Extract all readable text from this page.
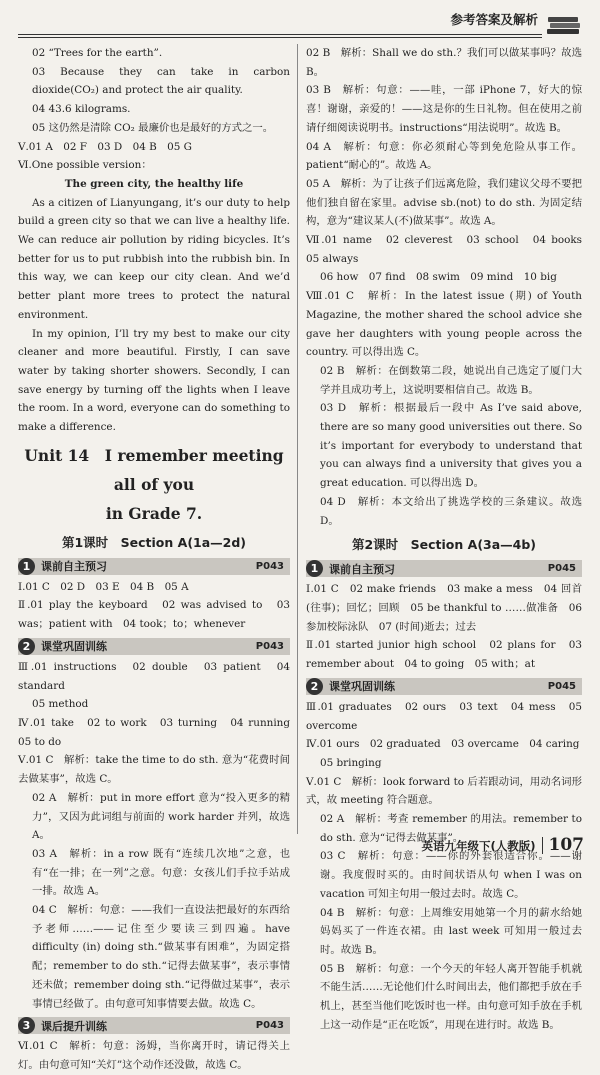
参考答案及解析

02 “Trees for the earth”.

03 Because they can take in carbon dioxide(CO₂) and protect the air quality.

04 43.6 kilograms.

05 这仍然是清除 CO₂ 最廉价也是最好的方式之一。

Ⅴ.01 A　02 F　03 D　04 B　05 G

Ⅵ.One possible version：

The green city, the healthy life

As a citizen of Lianyungang, it’s our duty to help build a green city so that we can live a healthy life. We can reduce air pollution by riding bicycles. It’s better for us to put rubbish into the rubbish bin. In this way, we can keep our city clean. And we’d better plant more trees to protect the natural environment.

In my opinion, I’ll try my best to make our city cleaner and more beautiful. Firstly, I can save water by taking shorter showers. Secondly, I can save energy by turning off the lights when I leave the room. In a word, everyone can do something to make a difference.

Unit 14　I remember meeting all of you
in Grade 7.
第1课时　Section A(1a—2d)
1 课前自主预习	P043

Ⅰ.01 C　02 D　03 E　04 B　05 A

Ⅱ.01 play the keyboard　02 was advised to　03 was；patient with　04 took；to；whenever

2 课堂巩固训练	P043

Ⅲ.01 instructions　02 double　03 patient　04 standard

05 method

Ⅳ.01 take　02 to work　03 turning　04 running　05 to do

Ⅴ.01 C　解析：take the time to do sth. 意为“花费时间去做某事”，故选 C。

02 A　解析：put in more effort 意为“投入更多的精力”，又因为此词组与前面的 work harder 并列，故选 A。

03 A　解析：in a row 既有“连续几次地”之意，也有“在一排；在一列”之意。句意：女孩儿们手拉手站成一排。故选 A。

04 C　解析：句意：——我们一直设法把最好的东西给予老师……——记住至少要读三到四遍。have difficulty (in) doing sth.“做某事有困难”，为固定搭配；remember to do sth.“记得去做某事”，表示事情还未做；remember doing sth.“记得做过某事”，表示事情已经做了。由句意可知事情要去做。故选 C。

3 课后提升训练	P043

Ⅵ.01 C　解析：句意：汤姆，当你离开时，请记得关上灯。由句意可知“关灯”这个动作还没做，故选 C。

02 B　解析：Shall we do sth.？我们可以做某事吗？故选 B。

03 B　解析：句意：——哇，一部 iPhone 7，好大的惊喜！谢谢，亲爱的！——这是你的生日礼物。但在使用之前请仔细阅读说明书。instructions“用法说明”。故选 B。

04 A　解析：句意：你必须耐心等到免危险从事工作。patient“耐心的”。故选 A。

05 A　解析：为了让孩子们远离危险，我们建议父母不要把他们独自留在家里。advise sb.(not) to do sth. 为固定结构，意为“建议某人(不)做某事”。故选 A。

Ⅶ.01 name　02 cleverest　03 school　04 books　05 always

06 how　07 find　08 swim　09 mind　10 big

Ⅷ.01 C　解析：In the latest issue (期) of Youth Magazine, the mother shared the school advice she gave her daughters with young people across the country. 可以得出选 C。

02 B　解析：在倒数第二段，她说出自己选定了厦门大学并且成功考上，这说明要相信自己。故选 B。

03 D　解析：根据最后一段中 As I’ve said above, there are so many good universities out there. So it’s important for everybody to understand that you can always find a university that gives you a great education. 可以得出选 D。

04 D　解析：本文给出了挑选学校的三条建议。故选 D。

第2课时　Section A(3a—4b)
1 课前自主预习	P045

Ⅰ.01 C　02 make friends　03 make a mess　04 回首(往事)；回忆；回顾　05 be thankful to ……做准备　06 参加校际泳队　07 (时间)逝去；过去

Ⅱ.01 started junior high school　02 plans for　03 remember about　04 to going　05 with；at

2 课堂巩固训练	P045

Ⅲ.01 graduates　02 ours　03 text　04 mess　05 overcome

Ⅳ.01 ours　02 graduated　03 overcame　04 caring

05 bringing

Ⅴ.01 C　解析：look forward to 后若跟动词，用动名词形式，故 meeting 符合题意。

02 A　解析：考查 remember 的用法。remember to do sth. 意为“记得去做某事”。

03 C　解析：句意：——你的外套很适合你。——谢谢。我度假时买的。由时间状语从句 when I was on vacation 可知主句用一般过去时。故选 C。

04 B　解析：句意：上周维安用她第一个月的薪水给她妈妈买了一件连衣裙。由 last week 可知用一般过去时。故选 B。

05 B　解析：句意：一个今天的年轻人离开智能手机就不能生活……无论他们什么时间出去，他们都把手放在手机上，甚至当他们吃饭时也一样。由句意可知手放在手机上这一动作是“正在吃饭”，用现在进行时。故选 B。

英语九年级下(人教版) 107
